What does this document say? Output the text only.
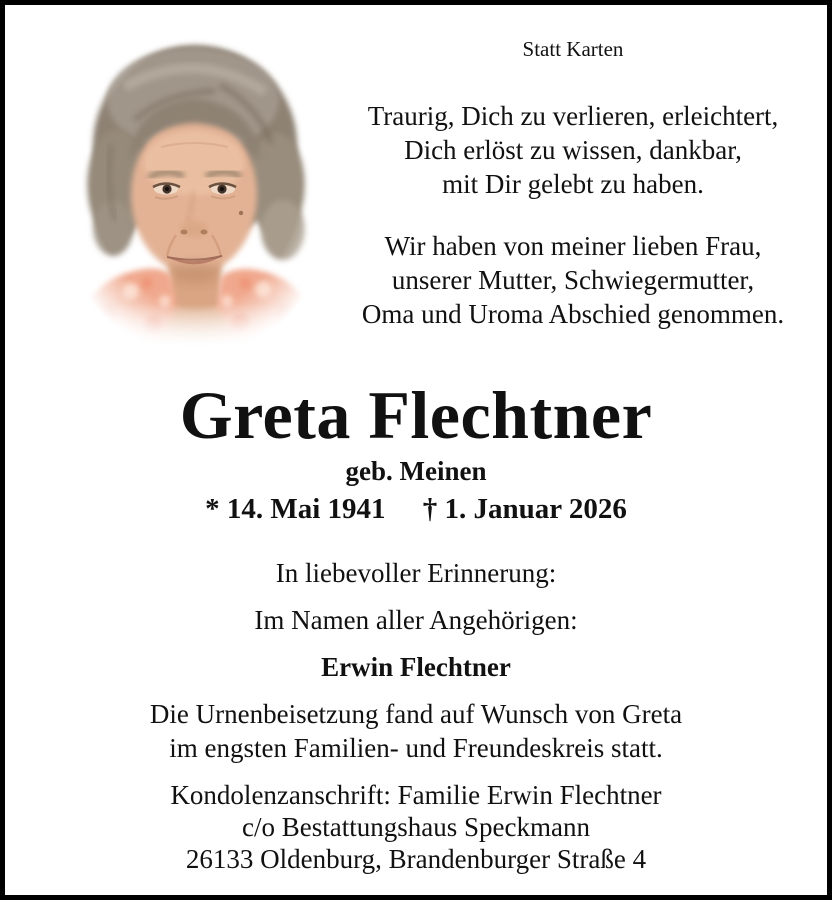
Statt Karten
Traurig, Dich zu verlieren, erleichtert,
Dich erlöst zu wissen, dankbar,
mit Dir gelebt zu haben.
Wir haben von meiner lieben Frau,
unserer Mutter, Schwiegermutter,
Oma und Uroma Abschied genommen.
Greta Flechtner
geb. Meinen
* 14. Mai 1941 † 1. Januar 2026
In liebevoller Erinnerung:
Im Namen aller Angehörigen:
Erwin Flechtner
Die Urnenbeisetzung fand auf Wunsch von Greta
im engsten Familien- und Freundeskreis statt.
Kondolenzanschrift: Familie Erwin Flechtner
c/o Bestattungshaus Speckmann
26133 Oldenburg, Brandenburger Straße 4
